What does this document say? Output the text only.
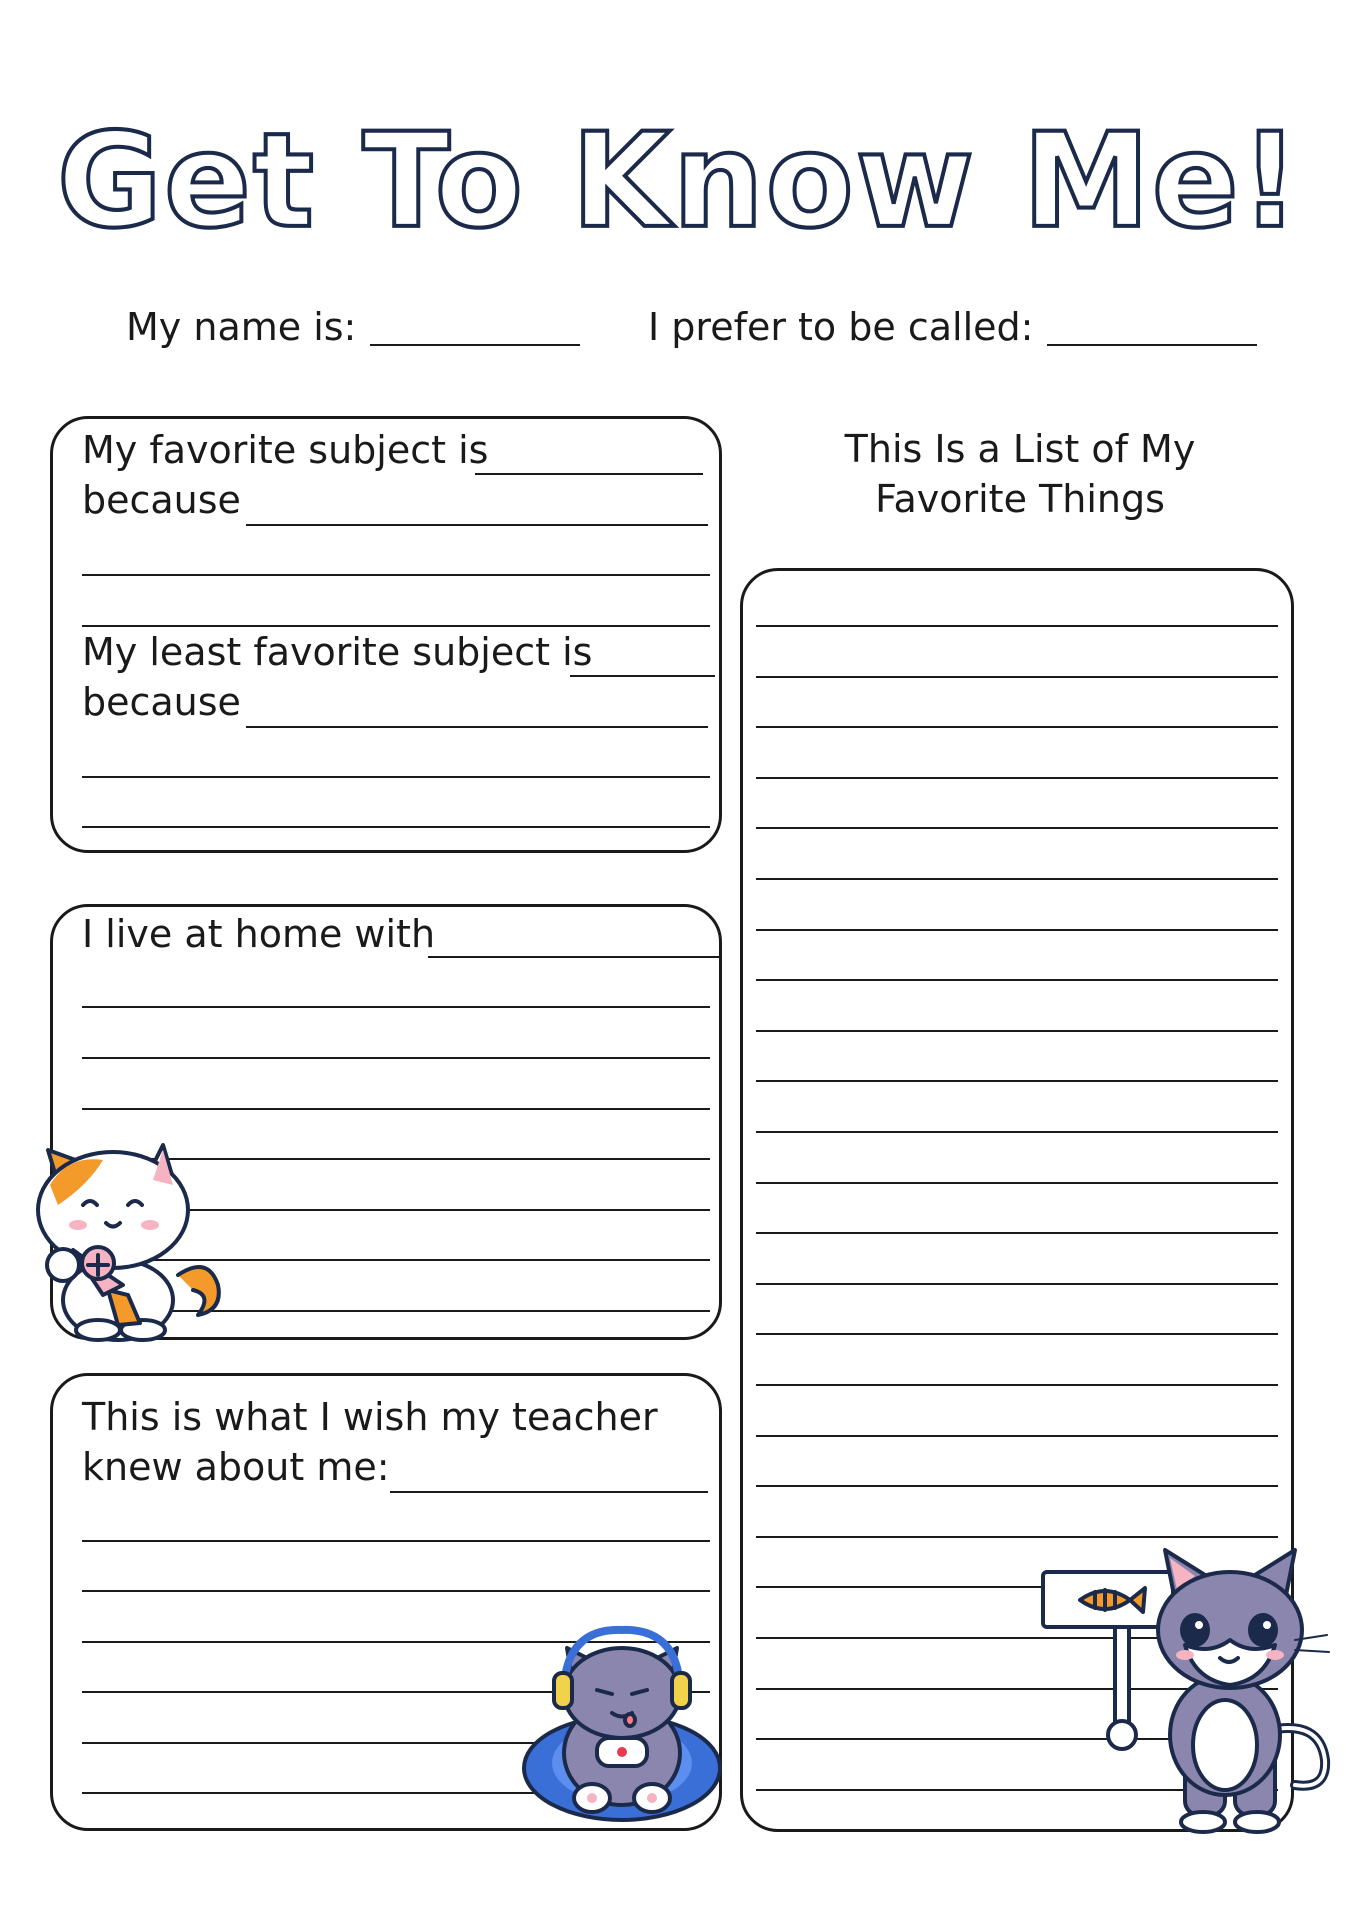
Get To Know Me!
My name is:	I prefer to be called:
My favorite subject is
because
My least favorite subject is
because
I live at home with
This is what I wish my teacher
knew about me:
This Is a List of My
Favorite Things
